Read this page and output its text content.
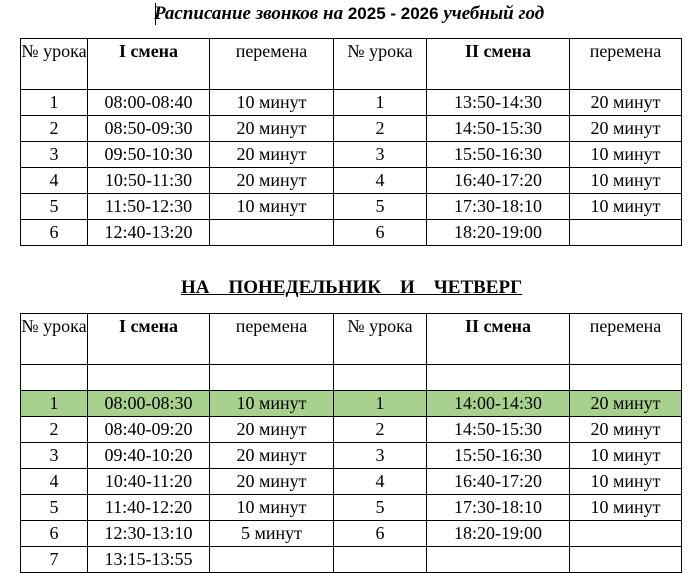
Расписание звонков на 2025 - 2026 учебный год
№ урока	I смена	перемена	№ урока	II смена	перемена
1	08:00-08:40	10 минут	1	13:50-14:30	20 минут
2	08:50-09:30	20 минут	2	14:50-15:30	20 минут
3	09:50-10:30	20 минут	3	15:50-16:30	10 минут
4	10:50-11:30	20 минут	4	16:40-17:20	10 минут
5	11:50-12:30	10 минут	5	17:30-18:10	10 минут
6	12:40-13:20		6	18:20-19:00	
НА    ПОНЕДЕЛЬНИК    И    ЧЕТВЕРГ
№ урока	I смена	перемена	№ урока	II смена	перемена

1	08:00-08:30	10 минут	1	14:00-14:30	20 минут
2	08:40-09:20	20 минут	2	14:50-15:30	20 минут
3	09:40-10:20	20 минут	3	15:50-16:30	10 минут
4	10:40-11:20	20 минут	4	16:40-17:20	10 минут
5	11:40-12:20	10 минут	5	17:30-18:10	10 минут
6	12:30-13:10	5 минут	6	18:20-19:00	
7	13:15-13:55				
